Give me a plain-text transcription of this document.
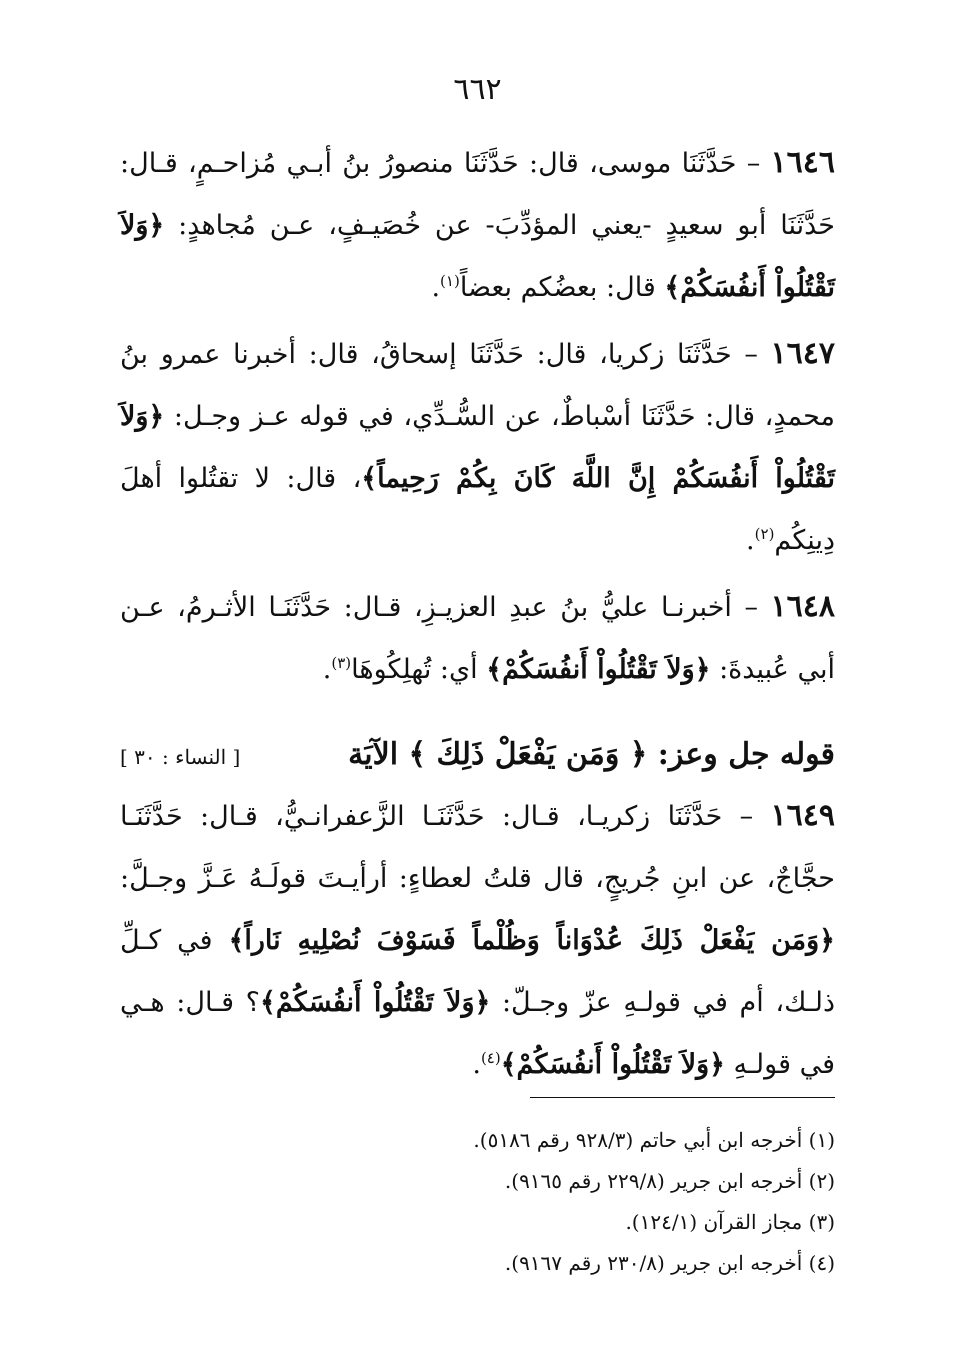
٦٦٢

١٦٤٦ – حَدَّثَنَا موسى، قال: حَدَّثَنَا منصورُ بنُ أبـي مُزاحـمٍ، قـال: حَدَّثَنَا أبو سعيدٍ -يعني المؤدِّبَ- عن خُصَيـفٍ، عـن مُجاهدٍ: ﴿وَلاَ تَقْتُلُواْ أَنفُسَكُمْ﴾ قال: بعضُكم بعضاً$^{(١)}$.

١٦٤٧ – حَدَّثَنَا زكريا، قال: حَدَّثَنَا إسحاقُ، قال: أخبرنا عمرو بنُ محمدٍ، قال: حَدَّثَنَا أسْباطٌ، عن السُّـدِّي، في قوله عـز وجـل: ﴿وَلاَ تَقْتُلُواْ أَنفُسَكُمْ إِنَّ اللَّهَ كَانَ بِكُمْ رَحِيماً﴾، قال: لا تقتُلوا أهلَ دِينِكُم$^{(٢)}$.

١٦٤٨ – أخبرنـا عليُّ بنُ عبدِ العزيـزِ، قـال: حَدَّثَنَـا الأثـرمُ، عـن أبي عُبيدةَ: ﴿وَلاَ تَقْتُلُواْ أَنفُسَكُمْ﴾ أي: تُهلِكُوهَا$^{(٣)}$.

قوله جل وعز: ﴿ وَمَن يَفْعَلْ ذَلِكَ ﴾ الآيَة
[ النساء : ٣٠ ]

١٦٤٩ – حَدَّثَنَا زكريـا، قـال: حَدَّثَنَـا الزَّعفرانـيُّ، قـال: حَدَّثَنَـا حجَّاجٌ، عن ابنِ جُريجٍ، قال قلتُ لعطاءٍ: أرأيـتَ قولَـهُ عَـزَّ وجـلَّ: ﴿وَمَن يَفْعَلْ ذَلِكَ عُدْوَاناً وَظُلْماً فَسَوْفَ نُصْلِيهِ نَاراً﴾ في كـلِّ ذلـك، أم في قولـهِ عزّ وجـلّ: ﴿وَلاَ تَقْتُلُواْ أَنفُسَكُمْ﴾؟ قـال: هـي في قولـهِ ﴿وَلاَ تَقْتُلُواْ أَنفُسَكُمْ﴾$^{(٤)}$.

(١) أخرجه ابن أبي حاتم (٩٢٨/٣ رقم ٥١٨٦).

(٢) أخرجه ابن جرير (٢٢٩/٨ رقم ٩١٦٥).

(٣) مجاز القرآن (١٢٤/١).

(٤) أخرجه ابن جرير (٢٣٠/٨ رقم ٩١٦٧).
